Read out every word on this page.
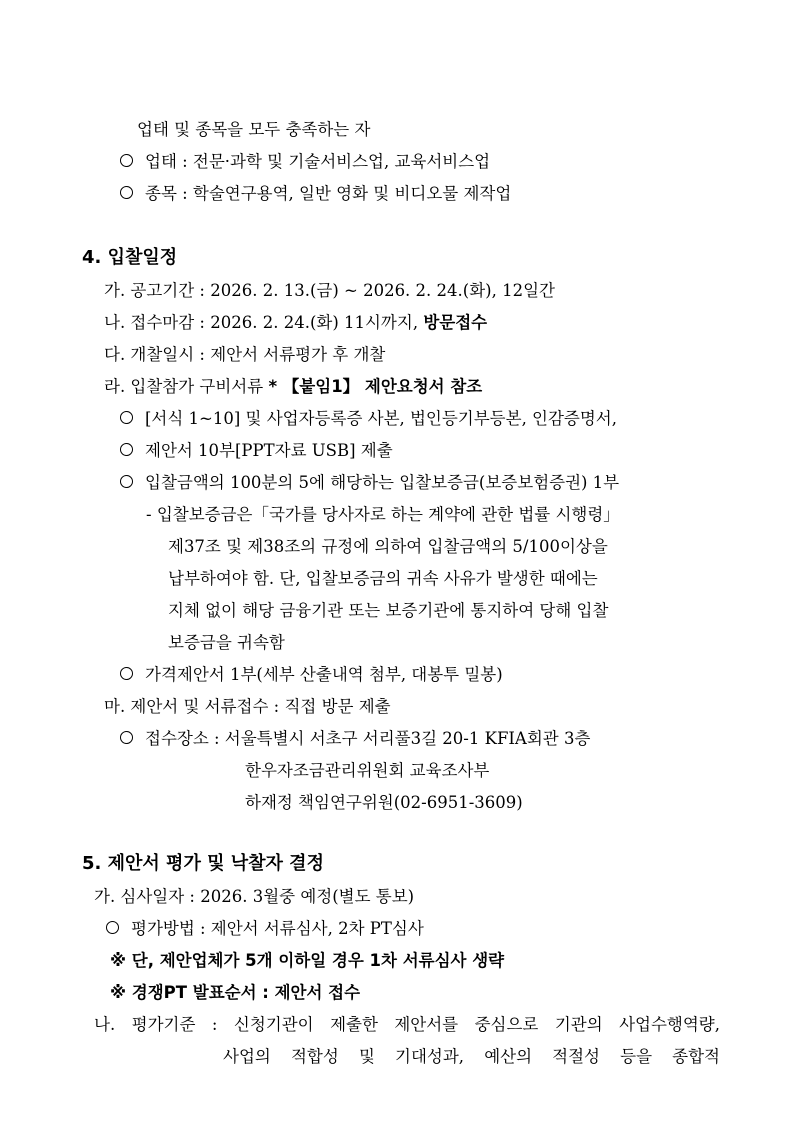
업태 및 종목을 모두 충족하는 자
업태 : 전문·과학 및 기술서비스업, 교육서비스업
종목 : 학술연구용역, 일반 영화 및 비디오물 제작업
4. 입찰일정
가. 공고기간 : 2026. 2. 13.(금) ~ 2026. 2. 24.(화), 12일간
나. 접수마감 : 2026. 2. 24.(화) 11시까지, 방문접수
다. 개찰일시 : 제안서 서류평가 후 개찰
라. 입찰참가 구비서류 * 【붙임1】 제안요청서 참조
[서식 1~10] 및 사업자등록증 사본, 법인등기부등본, 인감증명서,
제안서 10부[PPT자료 USB] 제출
입찰금액의 100분의 5에 해당하는 입찰보증금(보증보험증권) 1부
- 입찰보증금은「국가를 당사자로 하는 계약에 관한 법률 시행령」
제37조 및 제38조의 규정에 의하여 입찰금액의 5/100이상을
납부하여야 함. 단, 입찰보증금의 귀속 사유가 발생한 때에는
지체 없이 해당 금융기관 또는 보증기관에 통지하여 당해 입찰
보증금을 귀속함
가격제안서 1부(세부 산출내역 첨부, 대봉투 밀봉)
마. 제안서 및 서류접수 : 직접 방문 제출
접수장소 : 서울특별시 서초구 서리풀3길 20-1 KFIA회관 3층
한우자조금관리위원회 교육조사부
하재정 책임연구위원(02-6951-3609)
5. 제안서 평가 및 낙찰자 결정
가. 심사일자 : 2026. 3월중 예정(별도 통보)
평가방법 : 제안서 서류심사, 2차 PT심사
※ 단, 제안업체가 5개 이하일 경우 1차 서류심사 생략
※ 경쟁PT 발표순서 : 제안서 접수
나. 평가기준 : 신청기관이 제출한 제안서를 중심으로 기관의 사업수행역량,
사업의 적합성 및 기대성과, 예산의 적절성 등을 종합적
